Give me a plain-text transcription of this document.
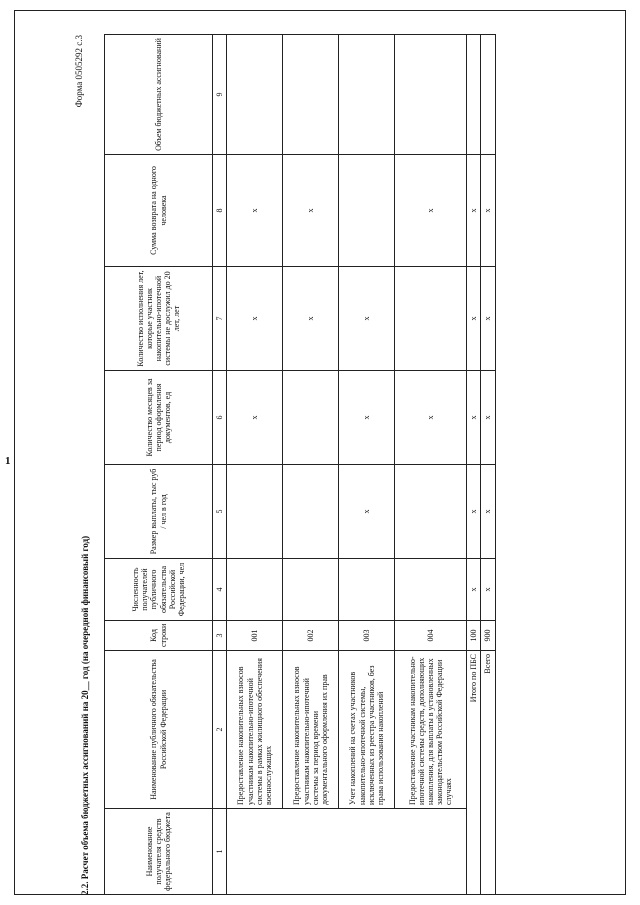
1
Форма 0505292 с.3
2.2. Расчет объема бюджетных ассигнований на 20__ год (на очередной финансовый год)	Наименование получателя средств федерального бюджета	Наименование публичного обязательства Российской Федерации	Код строки	Численность получателей публичного обязательства Российской Федерации, чел	Размер выплаты, тыс руб / чел в год	Количество месяцев за период оформления документов, ед	Количество исполнения лет, которые участник накопительно-ипотечной системы не дослужил до 20 лет, лет	Сумма возврата на одного человека	Объем бюджетных ассигнований
1	2	3	4	5	6	7	8	9
	Предоставление накопительных взносов участникам накопительно-ипотечной системы в рамках жилищного обеспечения военнослужащих	001			x	x	x	
	Предоставление накопительных взносов участникам накопительно-ипотечной системы за период времени документального оформления их прав	002				x	x	
	Учет накоплений на счетах участников накопительно-ипотечной системы, исключенных из реестра участников, без права использования накоплений	003		x	x	x		
	Предоставление участникам накопительно-ипотечной системы средств, дополняющих накопления, для выплаты в установленных законодательством Российской Федерации случаях	004			x		x	
Итого по ПБС		100	x	x	x	x	x	
Всего		900	x	x	x	x	x	
